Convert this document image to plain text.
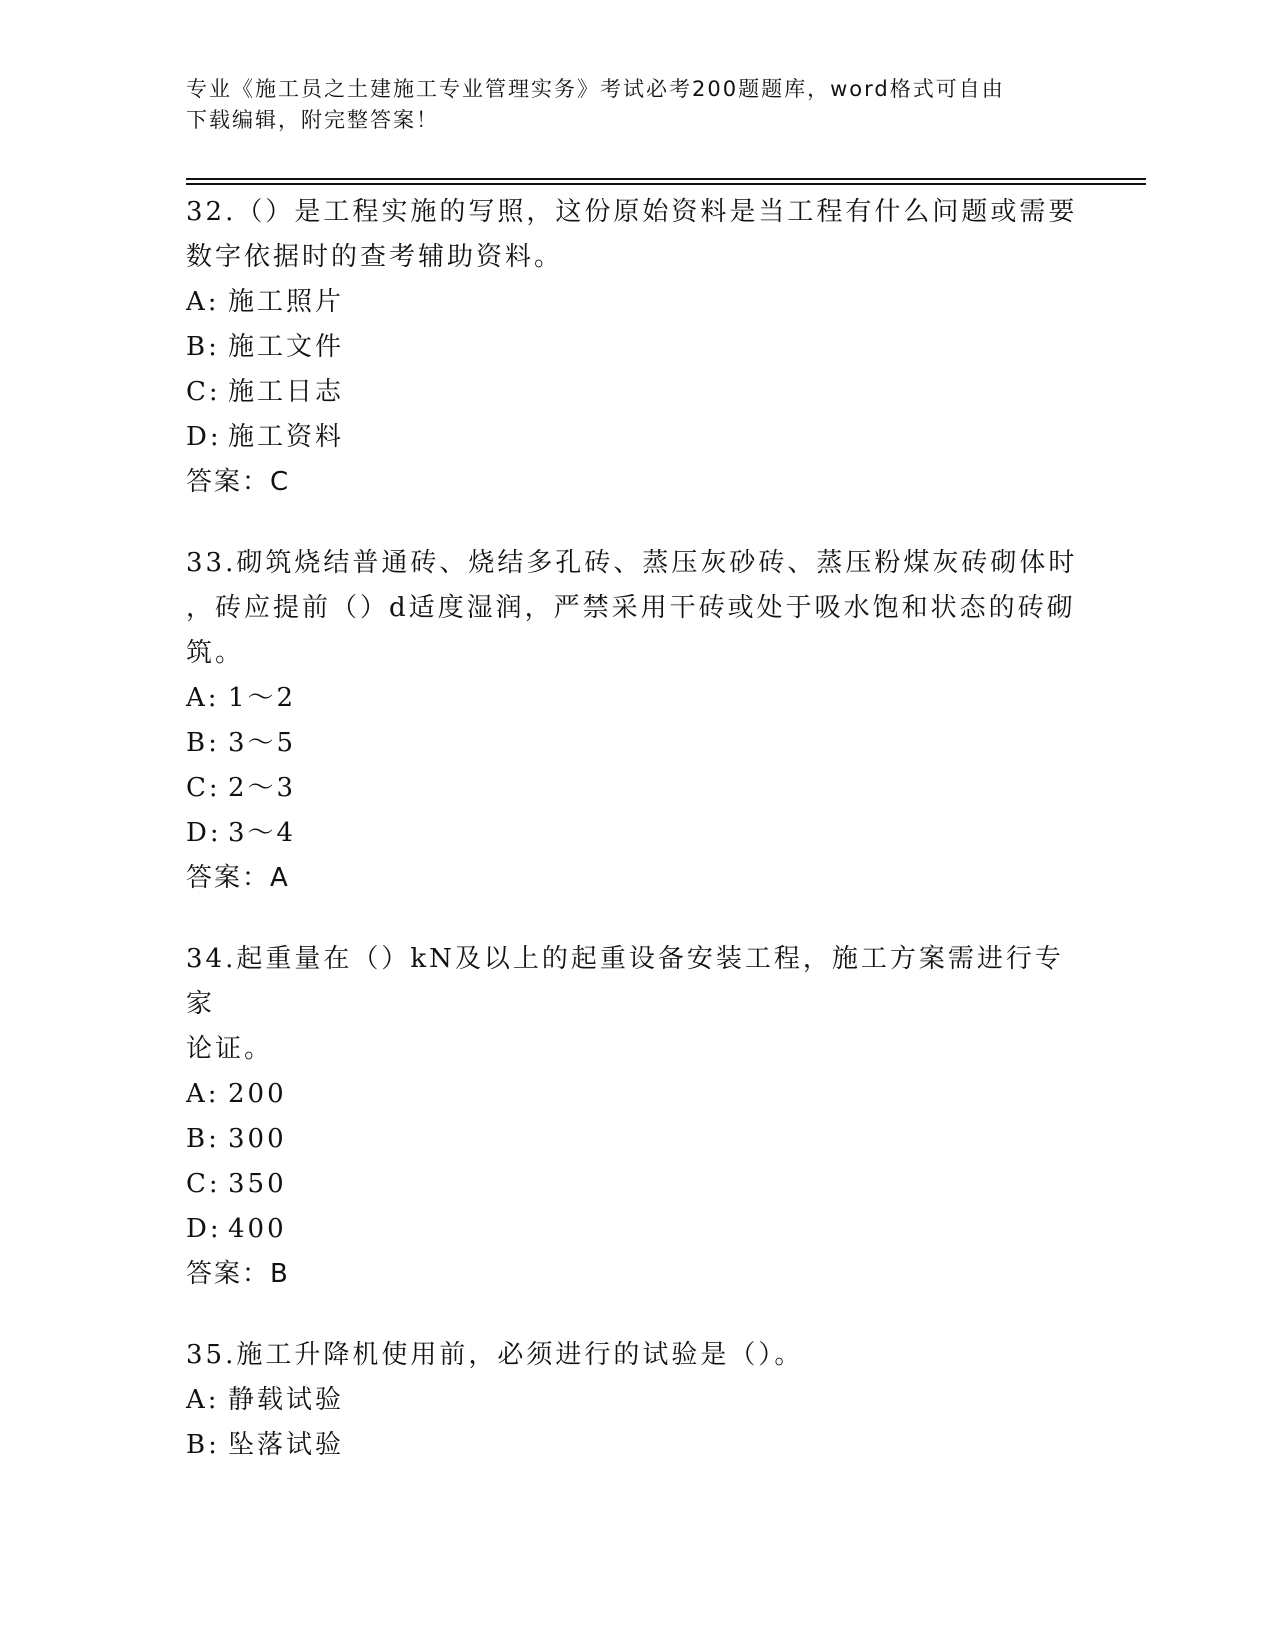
专业《施工员之土建施工专业管理实务》考试必考200题题库，word格式可自由
下载编辑，附完整答案！
32.（）是工程实施的写照，这份原始资料是当工程有什么问题或需要
数字依据时的查考辅助资料。
A: 施工照片
B: 施工文件
C: 施工日志
D: 施工资料
答案：C
33.砌筑烧结普通砖、烧结多孔砖、蒸压灰砂砖、蒸压粉煤灰砖砌体时
，砖应提前（）d适度湿润，严禁采用干砖或处于吸水饱和状态的砖砌
筑。
A: 1～2
B: 3～5
C: 2～3
D: 3～4
答案：A
34.起重量在（）kN及以上的起重设备安装工程，施工方案需进行专家
论证。
A: 200
B: 300
C: 350
D: 400
答案：B
35.施工升降机使用前，必须进行的试验是（）。
A: 静载试验
B: 坠落试验
